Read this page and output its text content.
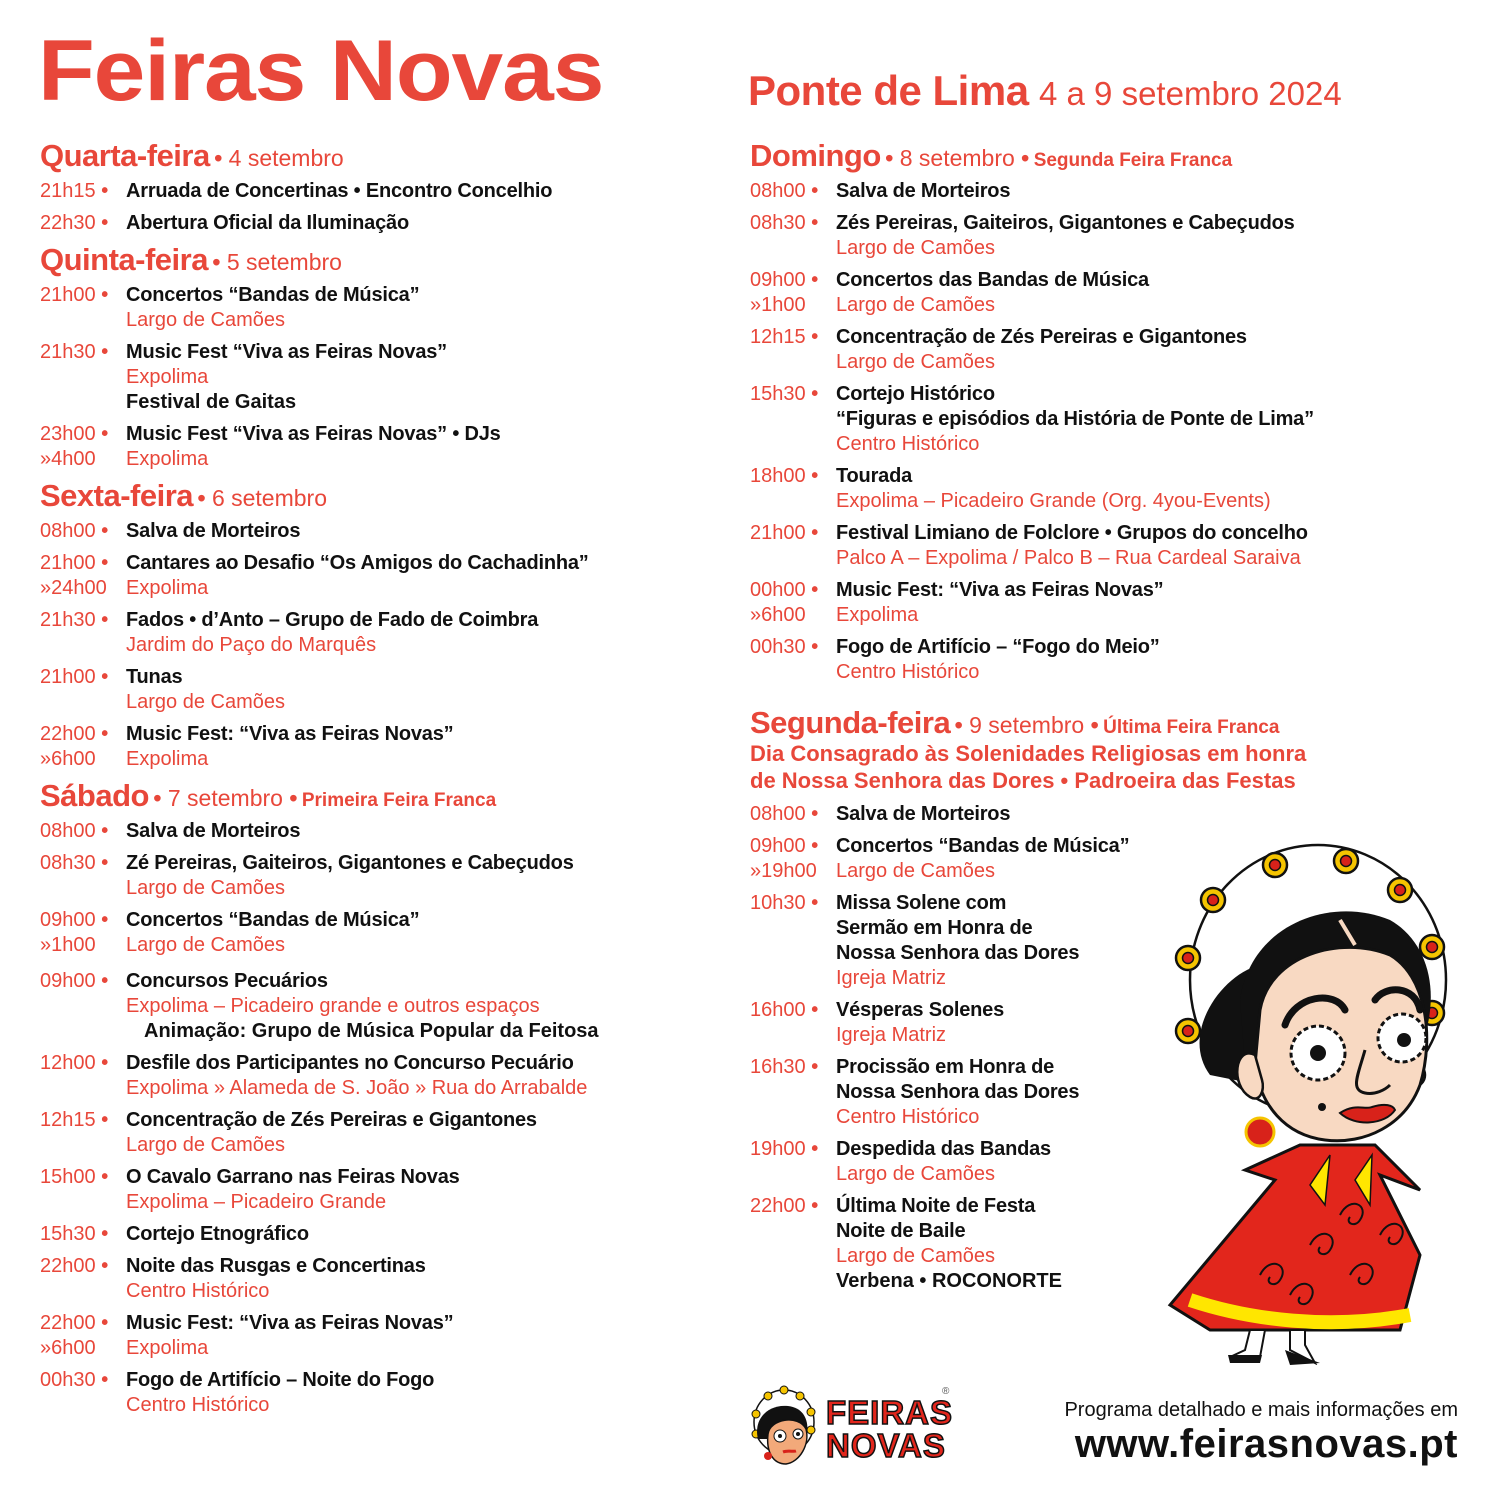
Feiras Novas	Ponte de Lima 4 a 9 setembro 2024
Quarta-feira • 4 setembro
21h15 • Arruada de Concertinas • Encontro Concelhio
22h30 • Abertura Oficial da Iluminação
Quinta-feira • 5 setembro
21h00 • Concertos “Bandas de Música”
Largo de Camões
21h30 • Music Fest “Viva as Feiras Novas”
Expolima
Festival de Gaitas
23h00 •
»4h00
Music Fest “Viva as Feiras Novas” • DJs
Expolima
Sexta-feira • 6 setembro
08h00 • Salva de Morteiros
21h00 •
»24h00
Cantares ao Desafio “Os Amigos do Cachadinha”
Expolima
21h30 • Fados • d’Anto – Grupo de Fado de Coimbra
Jardim do Paço do Marquês
21h00 • Tunas
Largo de Camões
22h00 •
»6h00
Music Fest: “Viva as Feiras Novas”
Expolima
Sábado • 7 setembro • Primeira Feira Franca
08h00 • Salva de Morteiros
08h30 • Zé Pereiras, Gaiteiros, Gigantones e Cabeçudos
Largo de Camões
09h00 •
»1h00
Concertos “Bandas de Música”
Largo de Camões
09h00 • Concursos Pecuários
Expolima – Picadeiro grande e outros espaços
Animação: Grupo de Música Popular da Feitosa
12h00 • Desfile dos Participantes no Concurso Pecuário
Expolima » Alameda de S. João » Rua do Arrabalde
12h15 • Concentração de Zés Pereiras e Gigantones
Largo de Camões
15h00 • O Cavalo Garrano nas Feiras Novas
Expolima – Picadeiro Grande
15h30 • Cortejo Etnográfico
22h00 • Noite das Rusgas e Concertinas
Centro Histórico
22h00 •
»6h00
Music Fest: “Viva as Feiras Novas”
Expolima
00h30 • Fogo de Artifício – Noite do Fogo
Centro Histórico
Domingo • 8 setembro • Segunda Feira Franca
08h00 • Salva de Morteiros
08h30 • Zés Pereiras, Gaiteiros, Gigantones e Cabeçudos
Largo de Camões
09h00 •
»1h00
Concertos das Bandas de Música
Largo de Camões
12h15 • Concentração de Zés Pereiras e Gigantones
Largo de Camões
15h30 • Cortejo Histórico
“Figuras e episódios da História de Ponte de Lima”
Centro Histórico
18h00 • Tourada
Expolima – Picadeiro Grande (Org. 4you-Events)
21h00 • Festival Limiano de Folclore • Grupos do concelho
Palco A – Expolima / Palco B – Rua Cardeal Saraiva
00h00 •
»6h00
Music Fest: “Viva as Feiras Novas”
Expolima
00h30 • Fogo de Artifício – “Fogo do Meio”
Centro Histórico
Segunda-feira • 9 setembro • Última Feira Franca
Dia Consagrado às Solenidades Religiosas em honra
de Nossa Senhora das Dores • Padroeira das Festas
08h00 • Salva de Morteiros
09h00 •
»19h00
Concertos “Bandas de Música”
Largo de Camões
10h30 • Missa Solene com
Sermão em Honra de
Nossa Senhora das Dores
Igreja Matriz
16h00 • Vésperas Solenes
Igreja Matriz
16h30 • Procissão em Honra de
Nossa Senhora das Dores
Centro Histórico
19h00 • Despedida das Bandas
Largo de Camões
22h00 • Última Noite de Festa
Noite de Baile
Largo de Camões
Verbena • ROCONORTE
FEIRAS
NOVAS
®
Programa detalhado e mais informações em
www.feirasnovas.pt
